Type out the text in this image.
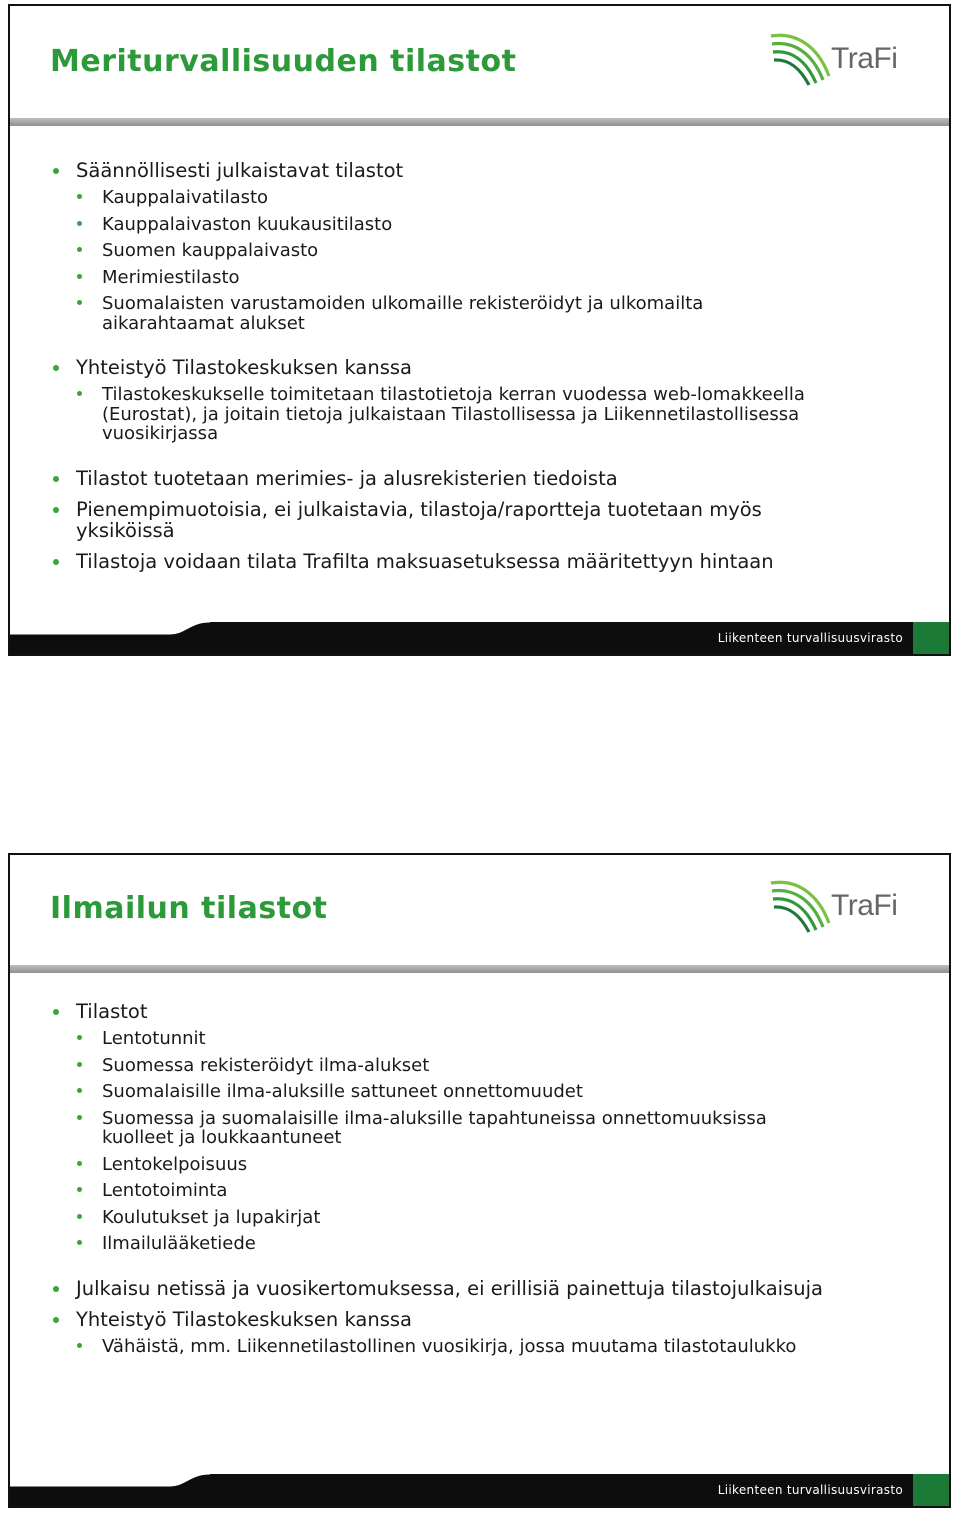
Meriturvallisuuden tilastot	TraFi
Säännöllisesti julkaistavat tilastot
Kauppalaivatilasto
Kauppalaivaston kuukausitilasto
Suomen kauppalaivasto
Merimiestilasto
Suomalaisten varustamoiden ulkomaille rekisteröidyt ja ulkomailta aikarahtaamat alukset
Yhteistyö Tilastokeskuksen kanssa
Tilastokeskukselle toimitetaan tilastotietoja kerran vuodessa web-lomakkeella (Eurostat), ja joitain tietoja julkaistaan Tilastollisessa ja Liikennetilastollisessa vuosikirjassa
Tilastot tuotetaan merimies- ja alusrekisterien tiedoista
Pienempimuotoisia, ei julkaistavia, tilastoja/raportteja tuotetaan myös yksiköissä
Tilastoja voidaan tilata Trafilta maksuasetuksessa määritettyyn hintaan
Liikenteen turvallisuusvirasto
Ilmailun tilastot	TraFi
Tilastot
Lentotunnit
Suomessa rekisteröidyt ilma-alukset
Suomalaisille ilma-aluksille sattuneet onnettomuudet
Suomessa ja suomalaisille ilma-aluksille tapahtuneissa onnettomuuksissa kuolleet ja loukkaantuneet
Lentokelpoisuus
Lentotoiminta
Koulutukset ja lupakirjat
Ilmailulääketiede
Julkaisu netissä ja vuosikertomuksessa, ei erillisiä painettuja tilastojulkaisuja
Yhteistyö Tilastokeskuksen kanssa
Vähäistä, mm. Liikennetilastollinen vuosikirja, jossa muutama tilastotaulukko
Liikenteen turvallisuusvirasto
